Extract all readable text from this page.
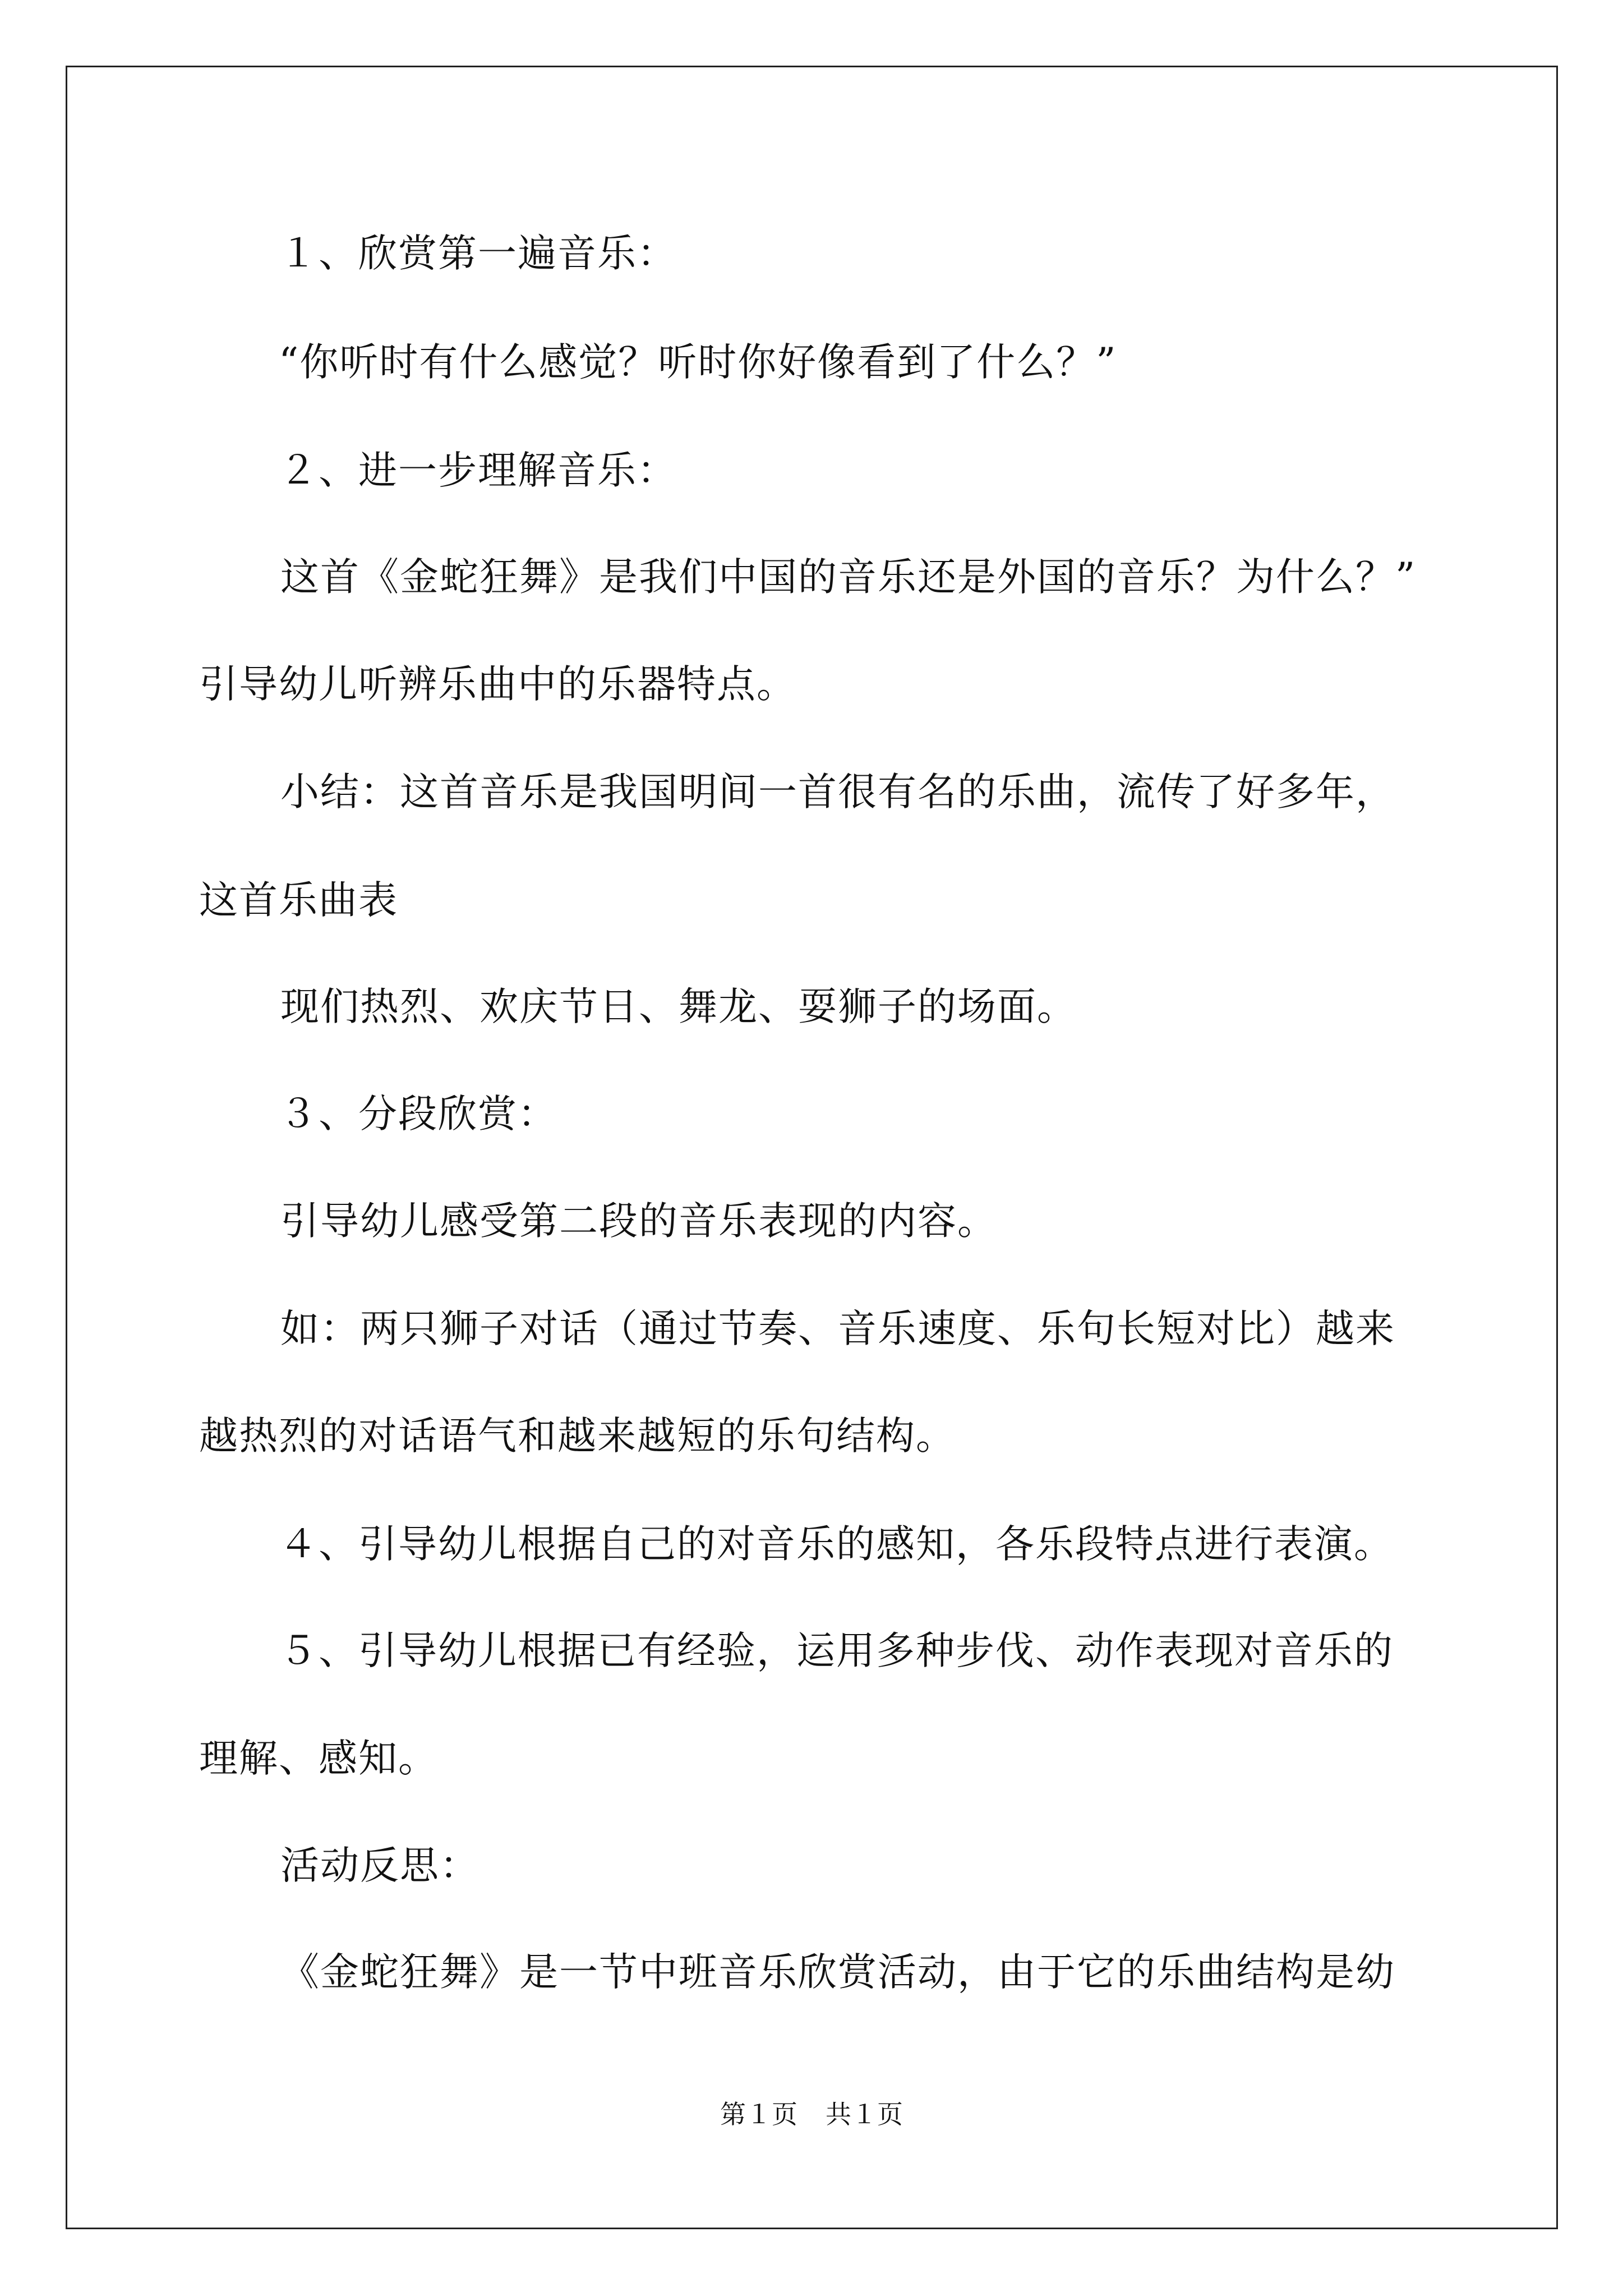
１、欣赏第一遍音乐：
“你听时有什么感觉？听时你好像看到了什么？”
２、进一步理解音乐：
这首《金蛇狂舞》是我们中国的音乐还是外国的音乐？为什么？”
引导幼儿听辨乐曲中的乐器特点。
小结：这首音乐是我国明间一首很有名的乐曲，流传了好多年，
这首乐曲表
现们热烈、欢庆节日、舞龙、耍狮子的场面。
３、分段欣赏：
引导幼儿感受第二段的音乐表现的内容。
如：两只狮子对话（通过节奏、音乐速度、乐句长短对比）越来
越热烈的对话语气和越来越短的乐句结构。
４、引导幼儿根据自己的对音乐的感知，各乐段特点进行表演。
５、引导幼儿根据已有经验，运用多种步伐、动作表现对音乐的
理解、感知。
活动反思：
《金蛇狂舞》是一节中班音乐欣赏活动，由于它的乐曲结构是幼
第１页 共１页
